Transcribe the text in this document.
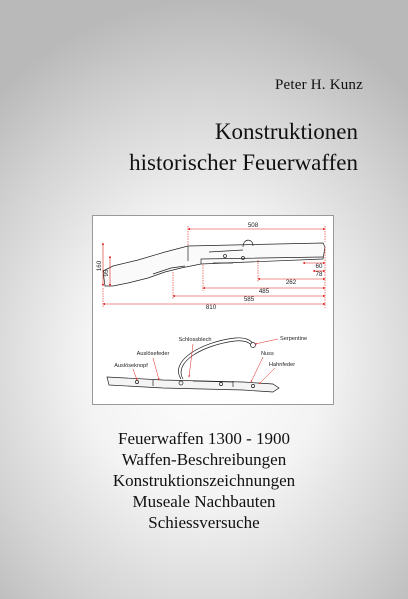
Peter H. Kunz
Konstruktionen
historischer Feuerwaffen
508
160
95
60
78
262
485
585
810
Schlossblech	Serpentine
Auslösefeder	Nuss
Auslöseknopf	Hahnfeder
Feuerwaffen 1300 - 1900
Waffen-Beschreibungen
Konstruktionszeichnungen
Museale Nachbauten
Schiessversuche
